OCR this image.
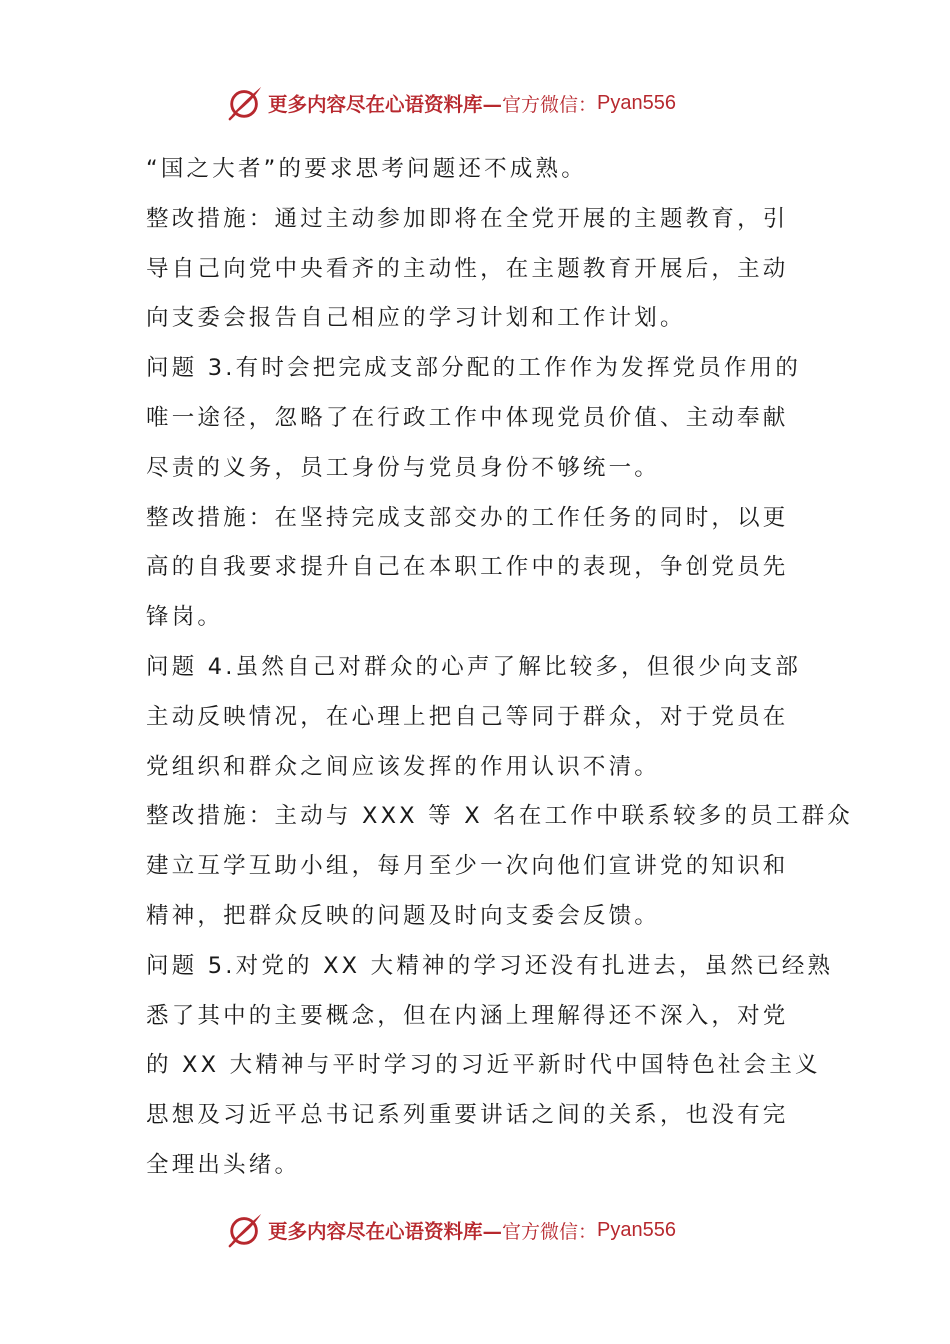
更多内容尽在心语资料库— 官方微信： Pyan556
“国之大者”的要求思考问题还不成熟。
整改措施：通过主动参加即将在全党开展的主题教育，引
导自己向党中央看齐的主动性，在主题教育开展后，主动
向支委会报告自己相应的学习计划和工作计划。
问题 3.有时会把完成支部分配的工作作为发挥党员作用的
唯一途径，忽略了在行政工作中体现党员价值、主动奉献
尽责的义务，员工身份与党员身份不够统一。
整改措施：在坚持完成支部交办的工作任务的同时，以更
高的自我要求提升自己在本职工作中的表现，争创党员先
锋岗。
问题 4.虽然自己对群众的心声了解比较多，但很少向支部
主动反映情况，在心理上把自己等同于群众，对于党员在
党组织和群众之间应该发挥的作用认识不清。
整改措施：主动与 XXX 等 X 名在工作中联系较多的员工群众
建立互学互助小组，每月至少一次向他们宣讲党的知识和
精神，把群众反映的问题及时向支委会反馈。
问题 5.对党的 XX 大精神的学习还没有扎进去，虽然已经熟
悉了其中的主要概念，但在内涵上理解得还不深入，对党
的 XX 大精神与平时学习的习近平新时代中国特色社会主义
思想及习近平总书记系列重要讲话之间的关系，也没有完
全理出头绪。
更多内容尽在心语资料库— 官方微信： Pyan556
